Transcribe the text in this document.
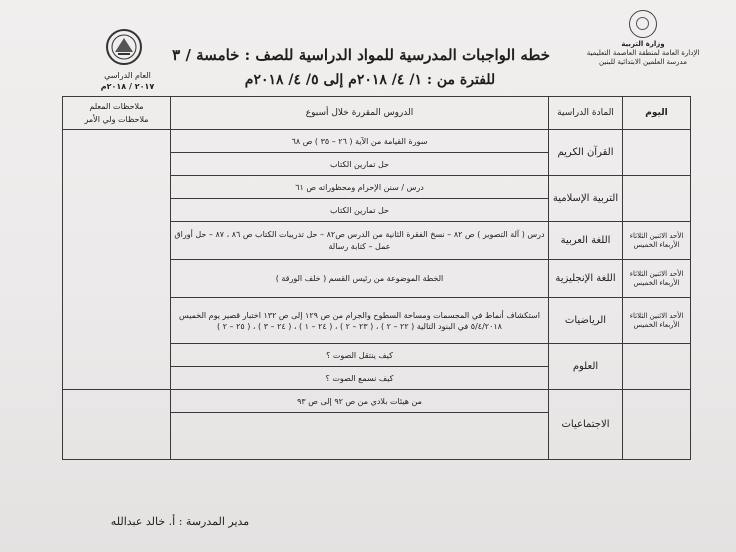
وزارة التربية
الإدارة العامة لمنطقة العاصمة التعليمية
مدرسة العلمين الابتدائية للبنين
العام الدراسي
٢٠١٧ / ٢٠١٨م
خطه الواجبات المدرسية للمواد الدراسية للصف : خامسة / ٣
للفترة من : ١/ ٤/ ٢٠١٨م إلى ٥/ ٤/ ٢٠١٨م
اليوم	المادة الدراسية	الدروس المقررة خلال أسبوع	ملاحظات المعلم
ملاحظات ولي الأمر
	القرآن الكريم	سورة القيامة من الآية ( ٢٦ – ٣٥ ) ص ٦٨	
		حل تمارين الكتاب	
	التربية الإسلامية	درس / سنن الإحرام ومحظوراته ص ٦١	
		حل تمارين الكتاب	
الأحد الاثنين الثلاثاء الأربعاء الخميس	اللغة العربية	درس ( آلة التصوير ) ص ٨٢ – نسخ الفقرة الثانية من الدرس ص٨٢ – حل تدريبات الكتاب ص ٨٦ ، ٨٧ – حل أوراق عمل – كتابة رسالة	
الأحد الاثنين الثلاثاء الأربعاء الخميس	اللغة الإنجليزية	الخطة الموضوعة من رئيس القسم ( خلف الورقة )	
الأحد الاثنين الثلاثاء الأربعاء الخميس	الرياضيات	استكشاف أنماط في المجسمات ومساحة السطوح والجرام من ص ١٢٩ إلى ص ١٣٢ اختبار قصير يوم الخميس ٥/٤/٢٠١٨ في البنود التالية ( ٢٢ – ٢ ) ، ( ٢٣ – ٢ ) ، ( ٢٤ – ١ ) ، ( ٢٤ – ٣ ) ، ( ٢٥ – ٢ )	
	العلوم	كيف ينتقل الصوت ؟	
		كيف نسمع الصوت ؟	
	الاجتماعيات	من هيئات بلادي من ص ٩٢ إلى ص ٩٣	

مدير المدرسة : أ. خالد عبدالله
